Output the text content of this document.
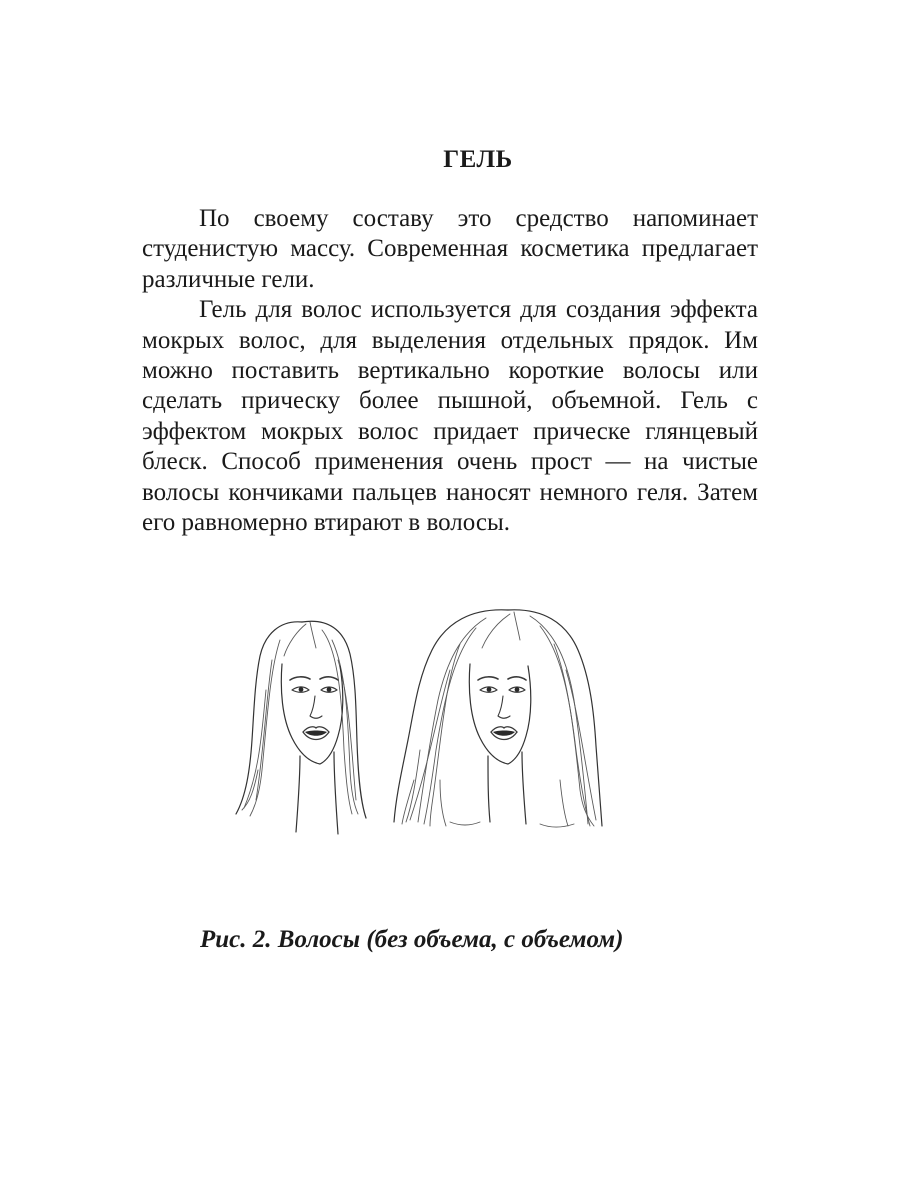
ГЕЛЬ

По своему составу это средство напоминает студенистую массу. Современная косметика предлагает различные гели.

Гель для волос используется для создания эффекта мокрых волос, для выделения отдельных прядок. Им можно поставить вертикально короткие волосы или сделать прическу более пышной, объемной. Гель с эффектом мокрых волос придает прическе глянцевый блеск. Способ применения очень прост — на чистые волосы кончиками пальцев наносят немного геля. Затем его равномерно втирают в волосы.

Рис. 2. Волосы (без объема, с объемом)
